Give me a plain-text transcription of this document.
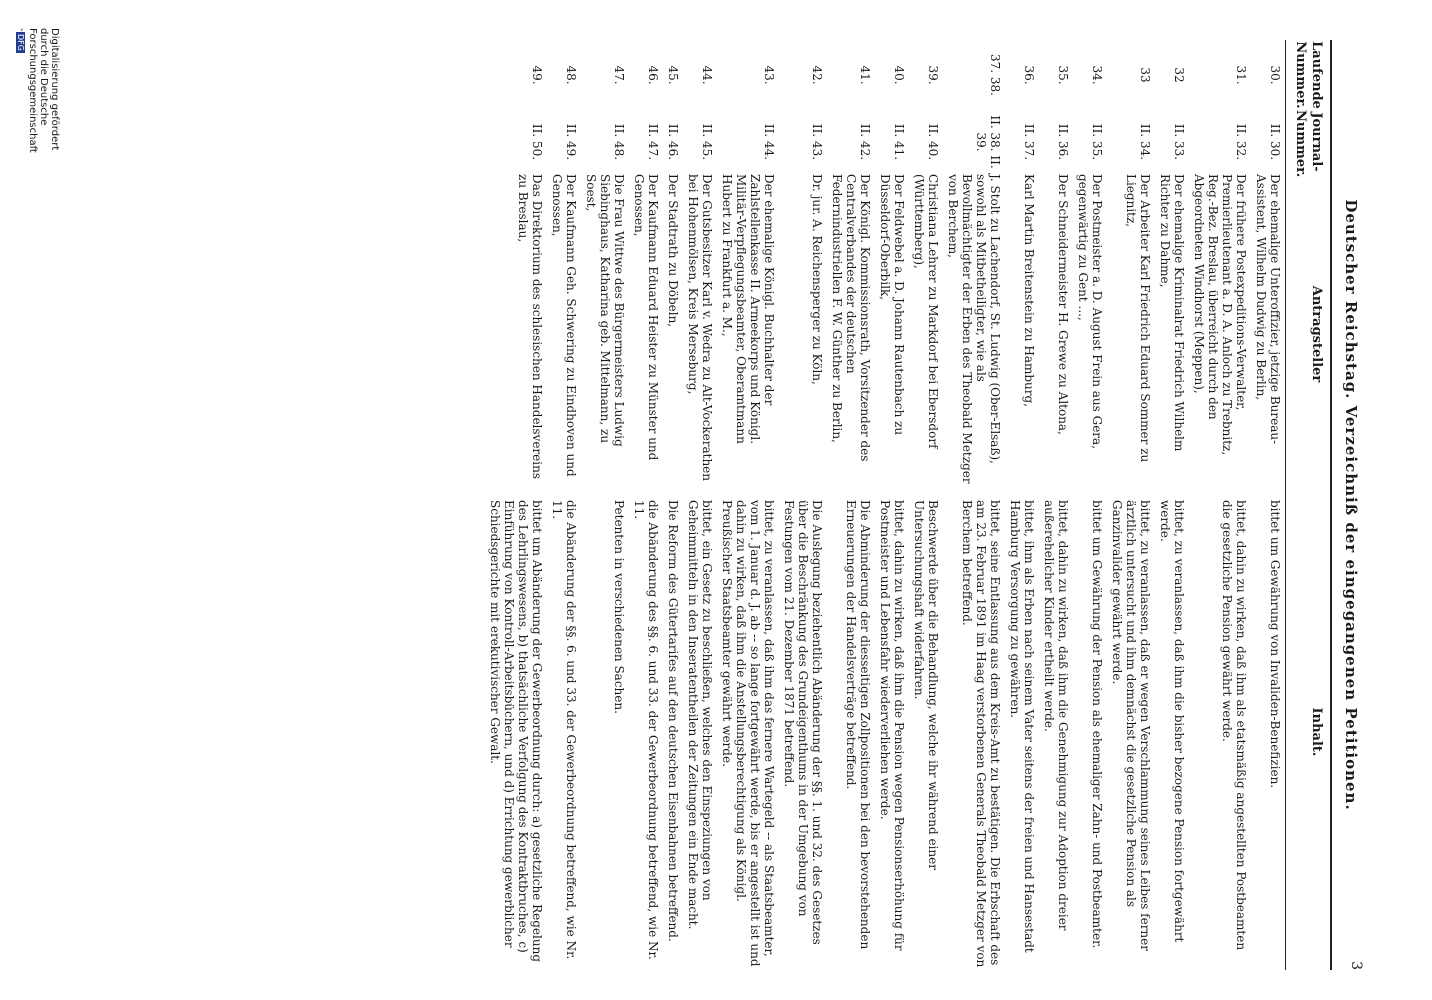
3
Deutscher Reichstag. Verzeichniß der eingegangenen Petitionen.
Laufende Nummer.
Journal-Nummer.
Antragsteller
Inhalt.
30.
II. 30.
Der ehemalige Unteroffizier, jetzige Bureau-Assistent, Wilhelm Dudwig zu Berlin,
bittet um Gewährung von Invaliden-Benefizien.
31.
II. 32.
Der frühere Postexpeditions-Verwalter, Premierlieutenant a. D. A. Anloch zu Trebnitz, Reg.-Bez. Breslau, überreicht durch den Abgeordneten Windhorst (Meppen),
bittet, dahin zu wirken, daß ihm als etatsmäßig angestellten Postbeamten die gesetzliche Pension gewährt werde.
32
II. 33.
Der ehemalige Kriminalrat Friedrich Wilhelm Richter zu Dahme,
bittet, zu veranlassen, daß ihm die bisher bezogene Pension fortgewährt werde.
33
II. 34.
Der Arbeiter Karl Friedrich Eduard Sommer zu Liegnitz,
bittet, zu veranlassen, daß er wegen Verschlammung seines Leibes ferner ärztlich untersucht und ihm demnächst die gesetzliche Pension als Ganzinvalider gewährt werde.
34.
II. 35.
Der Postmeister a. D. August Frein aus Gera, gegenwärtig zu Gent ...,
bittet um Gewährung der Pension als ehemaliger Zahn- und Postbeamter.
35.
II. 36.
Der Schneidermeister H. Grewe zu Altona,
bittet, dahin zu wirken, daß ihm die Genehmigung zur Adoption dreier außerehelicher Kinder ertheilt werde.
36.
II. 37.
Karl Martin Breitenstein zu Hamburg,
bittet, ihm als Erben nach seinem Vater seitens der freien und Hansestadt Hamburg Versorgung zu gewähren.
37. 38.
II. 38. II. 39.
J. Stolt zu Lachendorf, St. Ludwig (Ober-Elsaß), sowohl als Mitbetheiligter, wie als Bevollmächtigter der Erben des Theobald Metzger von Berchem,
bittet, seine Entlassung aus dem Kreis-Amt zu bestätigen. Die Erbschaft des am 23. Februar 1891 im Haag verstorbenen Generals Theobald Metzger von Berchem betreffend.
39.
II. 40.
Christiana Lehrer zu Markdorf bei Ebersdorf (Württemberg),
Beschwerde über die Behandlung, welche ihr während einer Untersuchungshaft widerfahren.
40.
II. 41.
Der Feldwebel a. D. Johann Rautenbach zu Düsseldorf-Oberbilk,
bittet, dahin zu wirken, daß ihm die Pension wegen Pensionserhöhung für Postmeister und Lebensfahr wiederverliehen werde.
41.
II. 42.
Der Königl. Kommissionsrath, Vorsitzender des Centralverbandes der deutschen Federnindustriellen F. W. Günther zu Berlin,
Die Abminderung der diesseitigen Zollpositionen bei den bevorstehenden Erneuerungen der Handelsverträge betreffend.
42.
II. 43.
Dr. jur. A. Reichensperger zu Köln,
Die Auslegung beziehentlich Abänderung der §§. 1. und 32. des Gesetzes über die Beschränkung des Grundeigenthums in der Umgebung von Festungen vom 21. Dezember 1871 betreffend.
43.
II. 44.
Der ehemalige Königl. Buchhalter der Zahlstellenkasse II. Armeekorps und Königl. Militär-Verpflegungsbeamter, Oberamtmann Hubert zu Frankfurt a. M.,
bittet, zu veranlassen, daß ihm das fernere Wartegeld -- als Staatsbeamter, vom 1. Januar d. J. ab -- so lange fortgewährt werde, bis er angestellt ist und dahin zu wirken, daß ihm die Anstellungsberechtigung als Königl. Preußischer Staatsbeamter gewährt werde.
44.
II. 45.
Der Gutsbesitzer Karl v. Wedra zu Alt-Vockerathen bei Hohenmölsen, Kreis Merseburg,
bittet, ein Gesetz zu beschließen, welches den Einspeziungen von Geheimmitteln in den Inseratentheilen der Zeitungen ein Ende macht.
45.
II. 46.
Der Stadtrath zu Döbeln,
Die Reform des Gütertarifes auf den deutschen Eisenbahnen betreffend.
46.
II. 47.
Der Kaufmann Eduard Heister zu Münster und Genossen,
die Abänderung des §§. 6. und 33. der Gewerbeordnung betreffend, wie Nr. 11.
47.
II. 48.
Die Frau Wittwe des Bürgermeisters Ludwig Siebinghaus, Katharina geb. Mittelmann, zu Soest,
Petenten in verschiedenen Sachen.
48.
II. 49.
Der Kaufmann Geh. Schwering zu Eindhoven und Genossen,
die Abänderung der §§. 6. und 33. der Gewerbeordnung betreffend, wie Nr. 11.
49.
II. 50.
Das Direktorium des schlesischen Handelsvereins zu Breslau,
bittet um Abänderung der Gewerbeordnung durch: a) gesetzliche Regelung des Lehrlingswesens, b) thatsächliche Verfolgung des Kontraktbruches, c) Einführung von Kontroll-Arbeitsbüchern, und d) Errichtung gewerblicher Schiedsgerichte mit erekutivischer Gewalt.
Digitalisierung gefördert durch die Deutsche Forschungsgemeinschaft -
DFG
